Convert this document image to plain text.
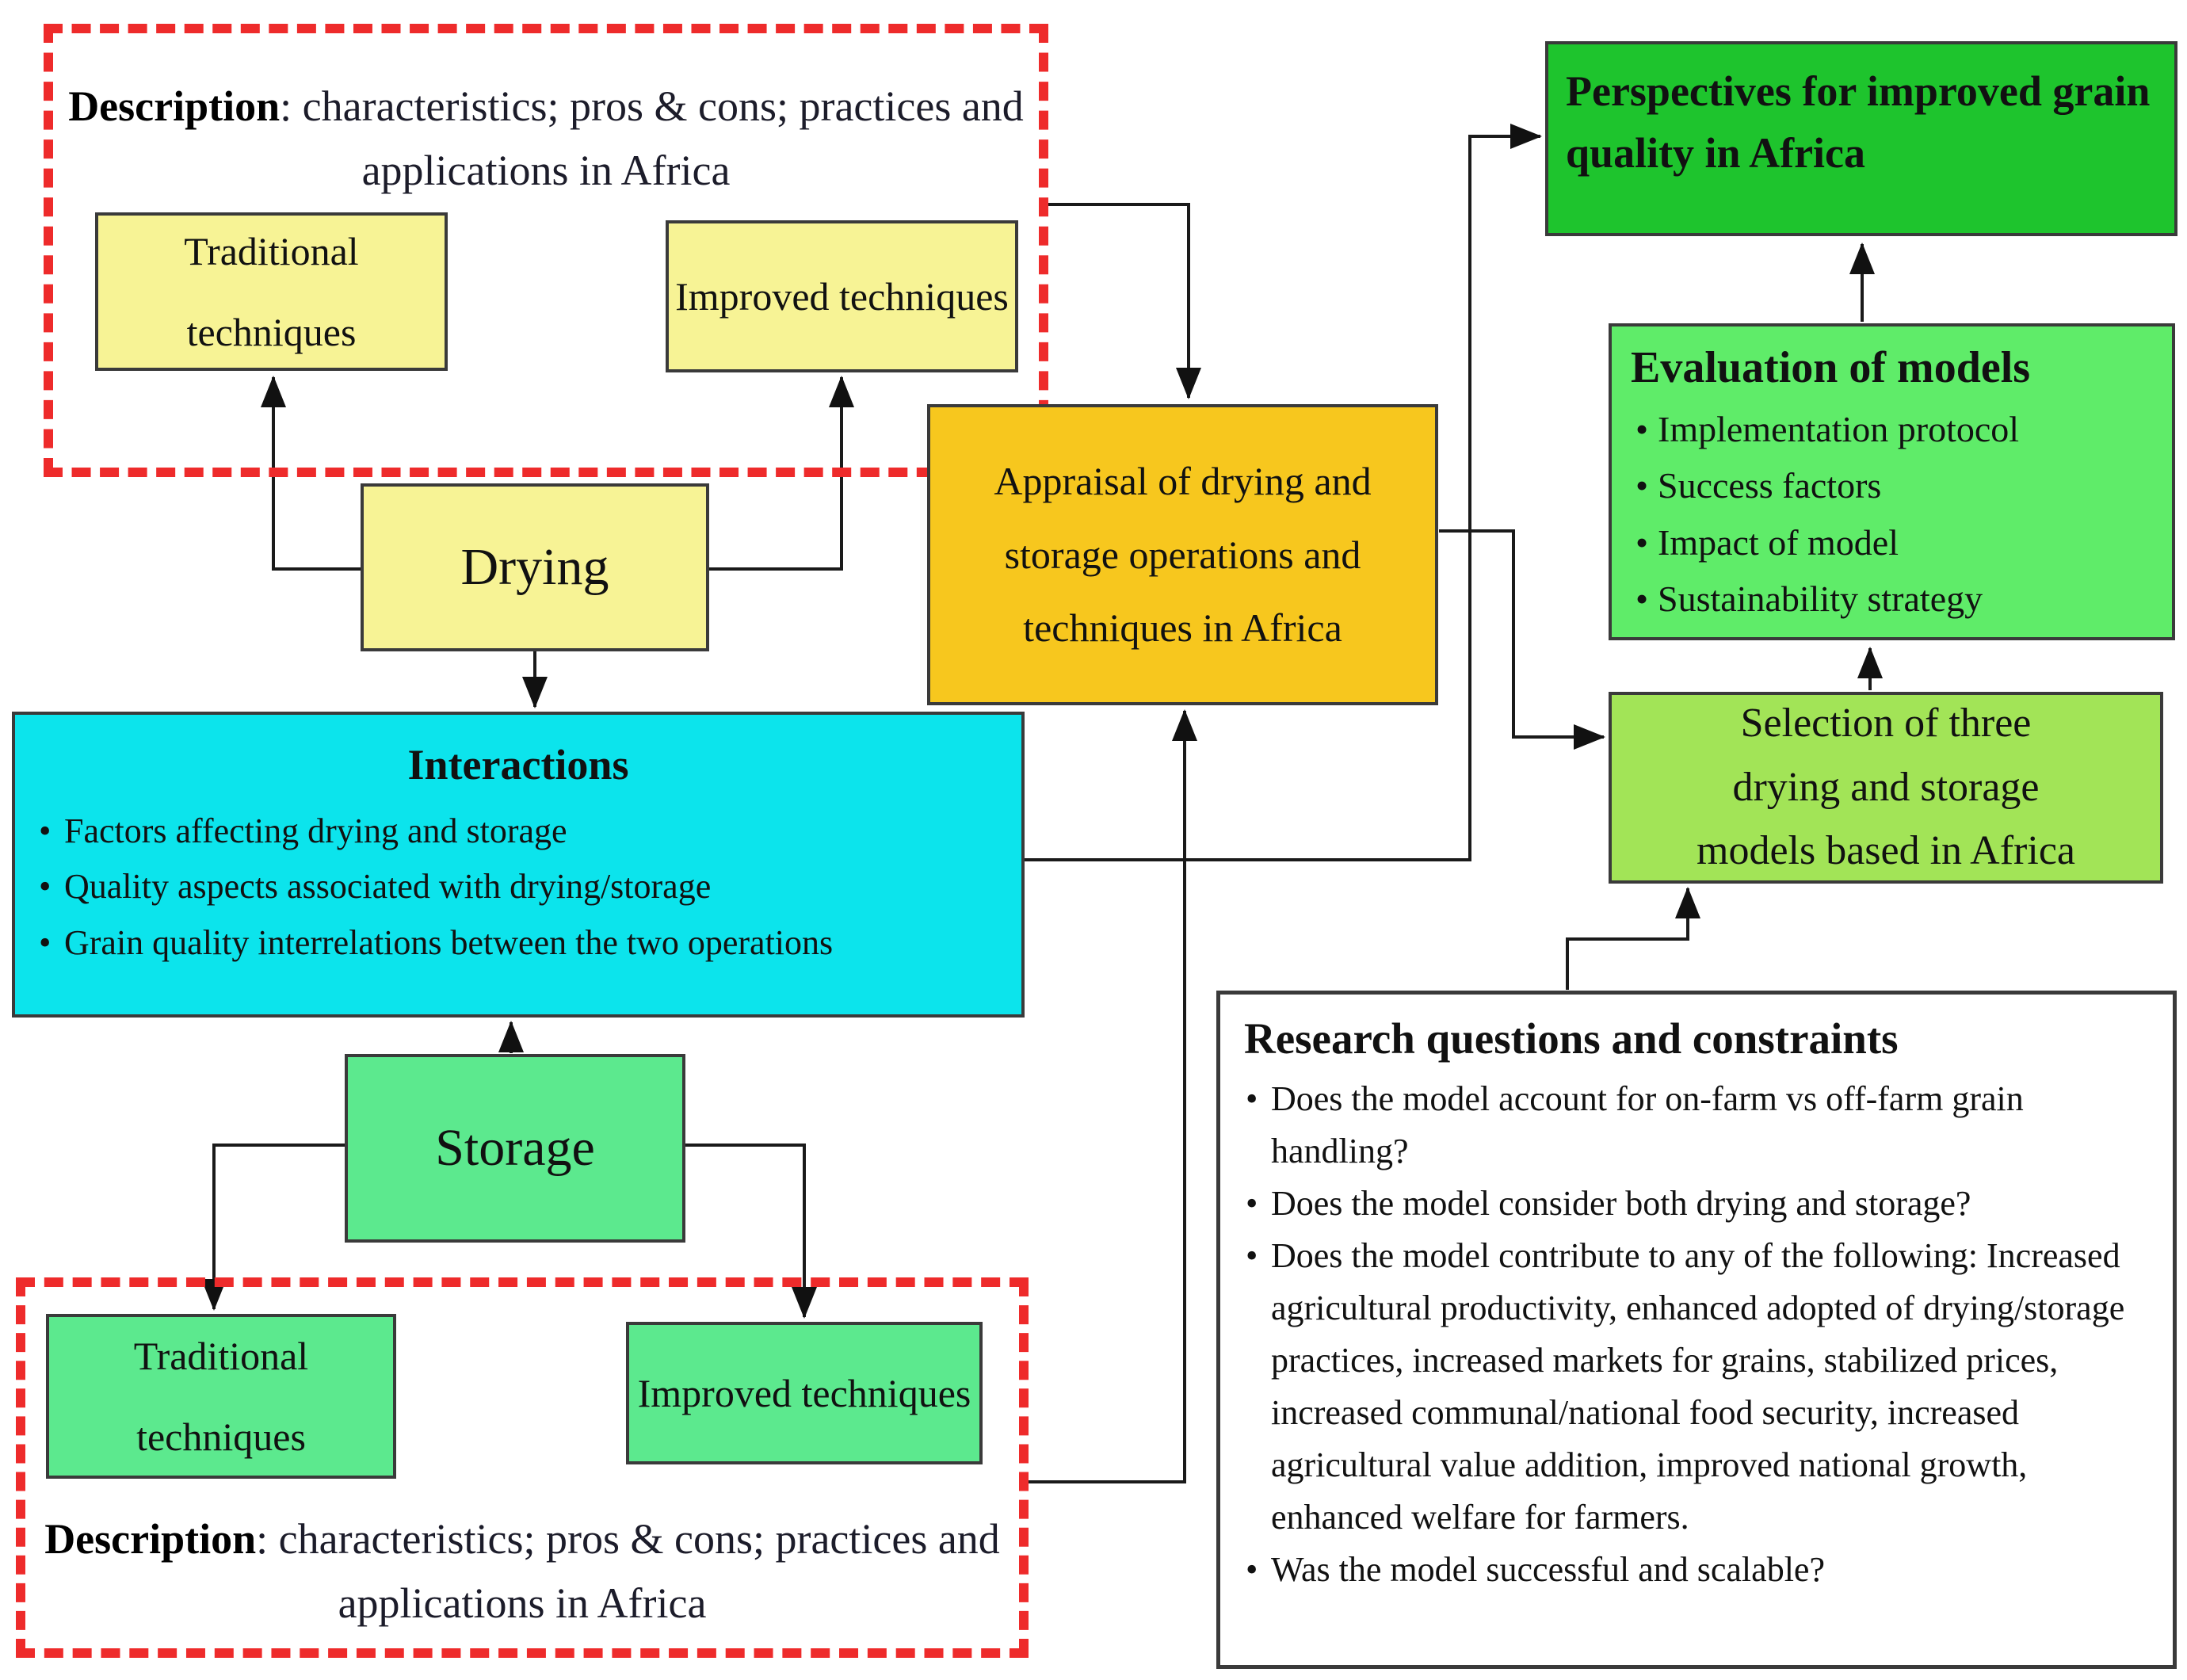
Description: characteristics; pros & cons; practices and applications in Africa
Traditional techniques
Improved techniques
Drying
Interactions
• Factors affecting drying and storage
• Quality aspects associated with drying/storage
• Grain quality interrelations between the two operations
Storage
Description: characteristics; pros & cons; practices and applications in Africa
Traditional techniques
Improved techniques
Appraisal of drying and storage operations and techniques in Africa
Perspectives for improved grain quality in Africa
Evaluation of models
• Implementation protocol
• Success factors
• Impact of model
• Sustainability strategy
Selection of three drying and storage models based in Africa
Research questions and constraints
• Does the model account for on-farm vs off-farm grain handling?
• Does the model consider both drying and storage?
• Does the model contribute to any of the following: Increased agricultural productivity, enhanced adopted of drying/storage practices, increased markets for grains, stabilized prices, increased communal/national food security, increased agricultural value addition, improved national growth, enhanced welfare for farmers.
• Was the model successful and scalable?
